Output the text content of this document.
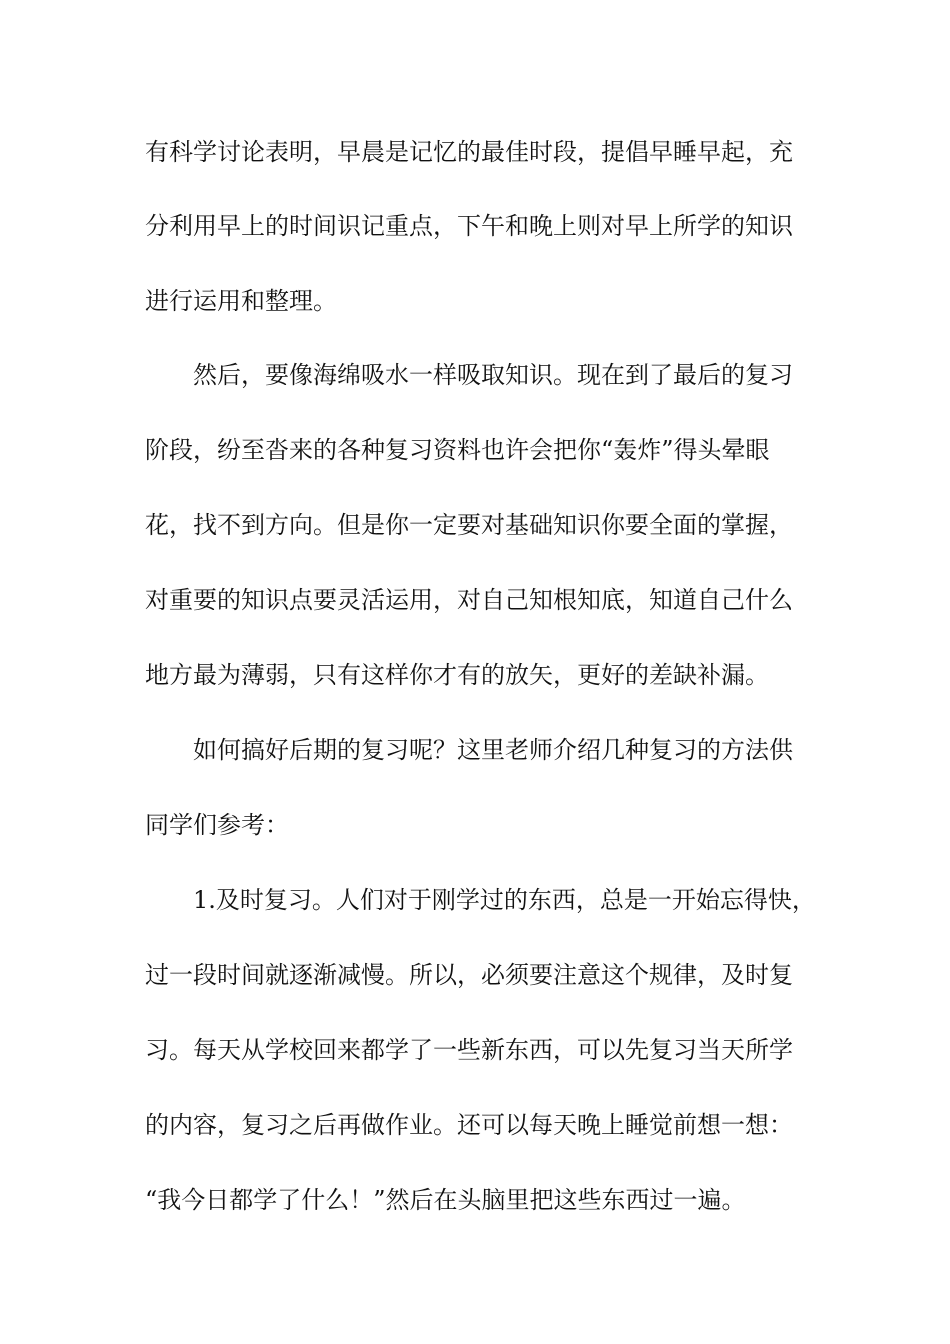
有科学讨论表明，早晨是记忆的最佳时段，提倡早睡早起，充
分利用早上的时间识记重点，下午和晚上则对早上所学的知识
进行运用和整理。
然后，要像海绵吸水一样吸取知识。现在到了最后的复习
阶段，纷至沓来的各种复习资料也许会把你“轰炸”得头晕眼
花，找不到方向。但是你一定要对基础知识你要全面的掌握，
对重要的知识点要灵活运用，对自己知根知底，知道自己什么
地方最为薄弱，只有这样你才有的放矢，更好的差缺补漏。
如何搞好后期的复习呢？这里老师介绍几种复习的方法供
同学们参考：
1.及时复习。人们对于刚学过的东西，总是一开始忘得快，
过一段时间就逐渐减慢。所以，必须要注意这个规律，及时复
习。每天从学校回来都学了一些新东西，可以先复习当天所学
的内容，复习之后再做作业。还可以每天晚上睡觉前想一想：
“我今日都学了什么！”然后在头脑里把这些东西过一遍。
